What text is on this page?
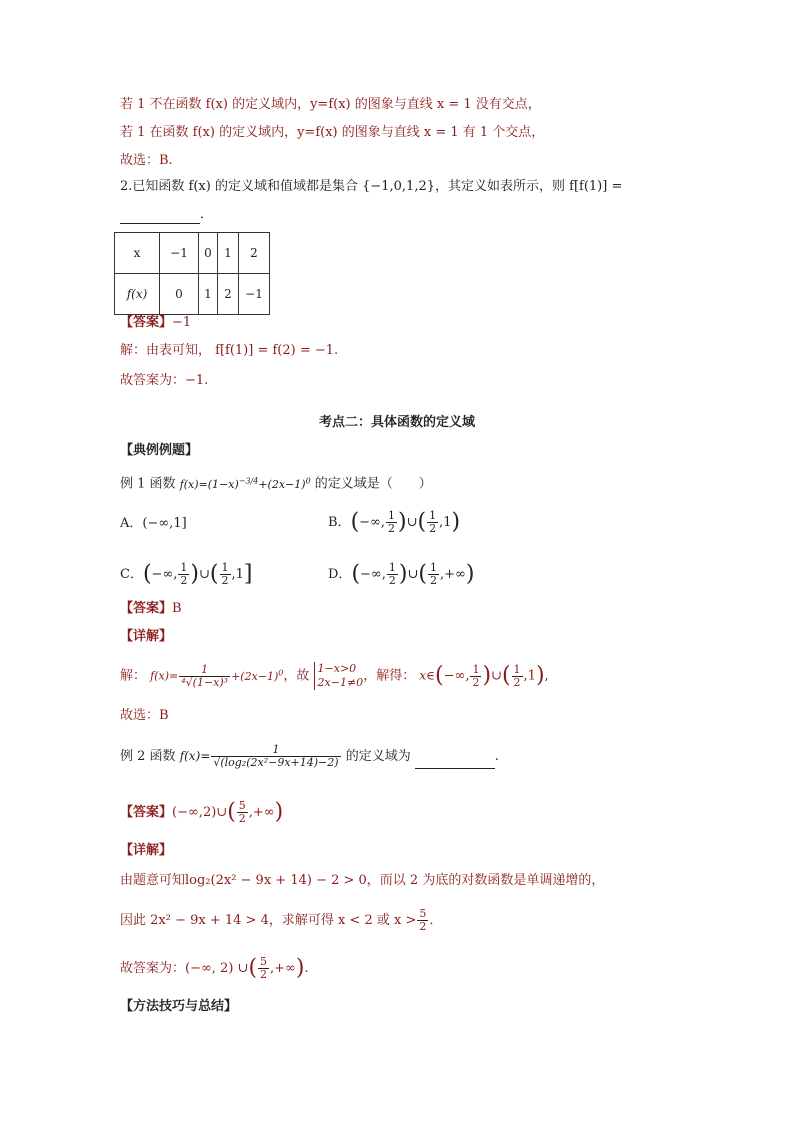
若 1 不在函数 f(x) 的定义域内，y=f(x) 的图象与直线 x = 1 没有交点，
若 1 在函数 f(x) 的定义域内，y=f(x) 的图象与直线 x = 1 有 1 个交点，
故选：B.
2.已知函数 f(x) 的定义域和值域都是集合 {−1,0,1,2}，其定义如表所示，则 f[f(1)] =
．
x	−1	0	1	2
f(x)	0	1	2	−1
【答案】−1
解：由表可知， f[f(1)] = f(2) = −1.
故答案为：−1.
考点二：具体函数的定义域
【典例例题】
例 1 函数 $f(x)=(1-x)^{-3/4}+(2x-1)^0$ 的定义域是（　　）
A．(−∞,1]	B．(−∞, $\frac{1}{2}$ )∪( $\frac{1}{2} ,1$)
C．(−∞, $\frac{1}{2}$ )∪( $\frac{1}{2} ,1$]	D．(−∞, $\frac{1}{2}$ )∪( $\frac{1}{2}$ ,+∞)
【答案】B
【详解】
解： $f(x)= \frac{1}{\text{⁴√(1−x)³}} +(2x-1)^0$，故 1−x>0
2x−1≠0，解得： x∈(−∞, $\frac{1}{2}$ )∪( $\frac{1}{2} ,1$),
故选：B
例 2 函数 $f(x)= \frac{1}{\text{√(log₂(2x²−9x+14)−2)}}$ 的定义域为	.
【答案】(−∞,2)∪( $\frac{5}{2}$ ,+∞)
【详解】
由题意可知log₂(2x² − 9x + 14) − 2 > 0，而以 2 为底的对数函数是单调递增的，
因此 2x² − 9x + 14 > 4，求解可得 x < 2 或 $x > \frac{5}{2}$ ．
故答案为：(−∞, 2) ∪( $\frac{5}{2}$ ,+∞).
【方法技巧与总结】
